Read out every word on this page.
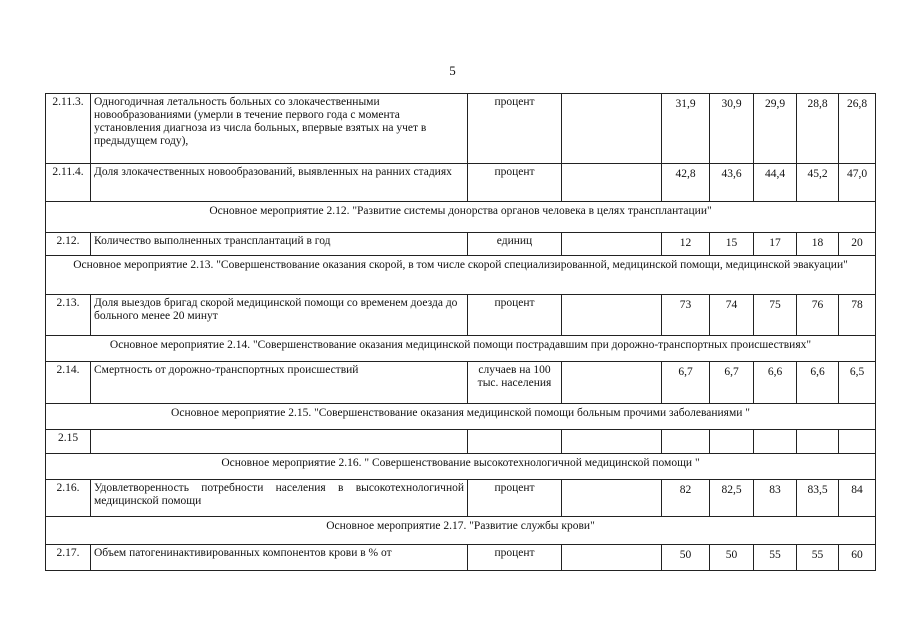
5
2.11.3.	Одногодичная летальность больных со злокачественными новообразованиями (умерли в течение первого года с момента установления диагноза из числа больных, впервые взятых на учет в предыдущем году),	процент		31,9	30,9	29,9	28,8	26,8
2.11.4.	Доля злокачественных новообразований, выявленных на ранних стадиях	процент		42,8	43,6	44,4	45,2	47,0
Основное мероприятие 2.12. "Развитие системы донорства органов человека в целях трансплантации"								
2.12.	Количество выполненных трансплантаций в год	единиц		12	15	17	18	20
Основное мероприятие 2.13. "Совершенствование оказания скорой, в том числе скорой специализированной, медицинской помощи, медицинской эвакуации"								
2.13.	Доля выездов бригад скорой медицинской помощи со временем доезда до больного менее 20 минут	процент		73	74	75	76	78
Основное мероприятие 2.14. "Совершенствование оказания медицинской помощи пострадавшим при дорожно-транспортных происшествиях"								
2.14.	Смертность от дорожно-транспортных происшествий	случаев на 100 тыс. населения		6,7	6,7	6,6	6,6	6,5
Основное мероприятие 2.15. "Совершенствование оказания медицинской помощи больным прочими заболеваниями "								
2.15								
Основное мероприятие 2.16. " Совершенствование высокотехнологичной медицинской помощи "								
2.16.	Удовлетворенность потребности населения в высокотехнологичной медицинской помощи	процент		82	82,5	83	83,5	84
Основное мероприятие 2.17. "Развитие службы крови"								
2.17.	Объем патогенинактивированных компонентов крови в % от	процент		50	50	55	55	60
